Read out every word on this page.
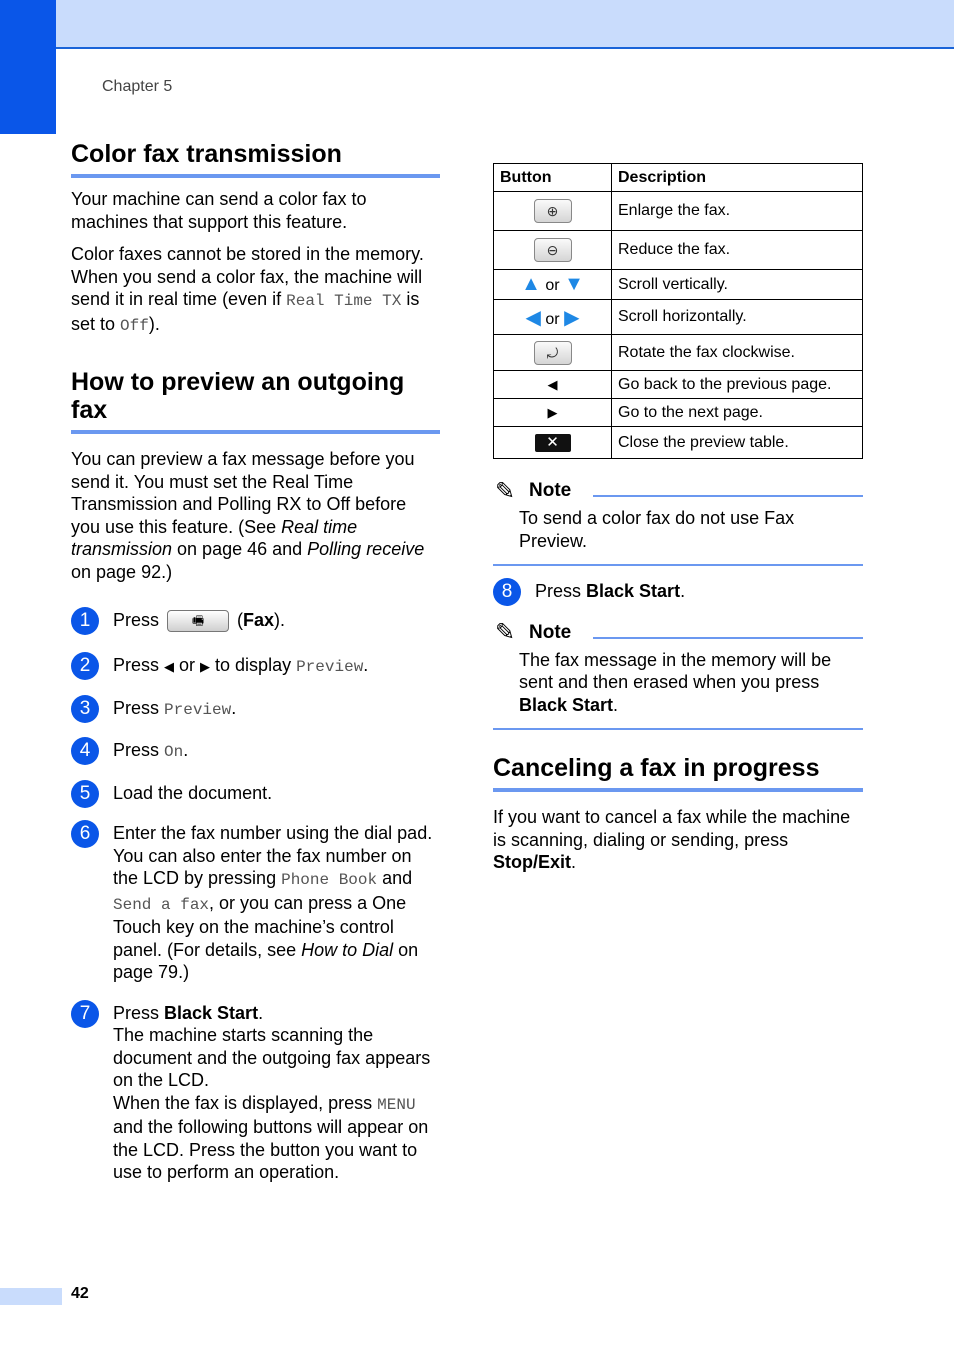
Chapter 5
Color fax transmission

Your machine can send a color fax to machines that support this feature.

Color faxes cannot be stored in the memory. When you send a color fax, the machine will send it in real time (even if Real Time TX is set to Off).

How to preview an outgoing fax

You can preview a fax message before you send it. You must set the Real Time Transmission and Polling RX to Off before you use this feature. (See Real time transmission on page 46 and Polling receive on page 92.)

1	Press 🖷 (Fax).
2	Press ◀ or ▶ to display Preview.
3	Press Preview.
4	Press On.
5	Load the document.
6	Enter the fax number using the dial pad. You can also enter the fax number on the LCD by pressing Phone Book and Send a fax, or you can press a One Touch key on the machine’s control panel. (For details, see How to Dial on page 79.)
7	Press Black Start.
The machine starts scanning the document and the outgoing fax appears on the LCD.
When the fax is displayed, press MENU and the following buttons will appear on the LCD. Press the button you want to use to perform an operation.
Button	Description
⊕	Enlarge the fax.
⊖	Reduce the fax.
▲ or ▼	Scroll vertically.
◀ or ▶	Scroll horizontally.
⤾	Rotate the fax clockwise.
◀	Go back to the previous page.
▶	Go to the next page.
✕	Close the preview table.
✎ Note

To send a color fax do not use Fax Preview.

8	Press Black Start.
✎ Note

The fax message in the memory will be sent and then erased when you press Black Start.

Canceling a fax in progress

If you want to cancel a fax while the machine is scanning, dialing or sending, press Stop/Exit.

42
